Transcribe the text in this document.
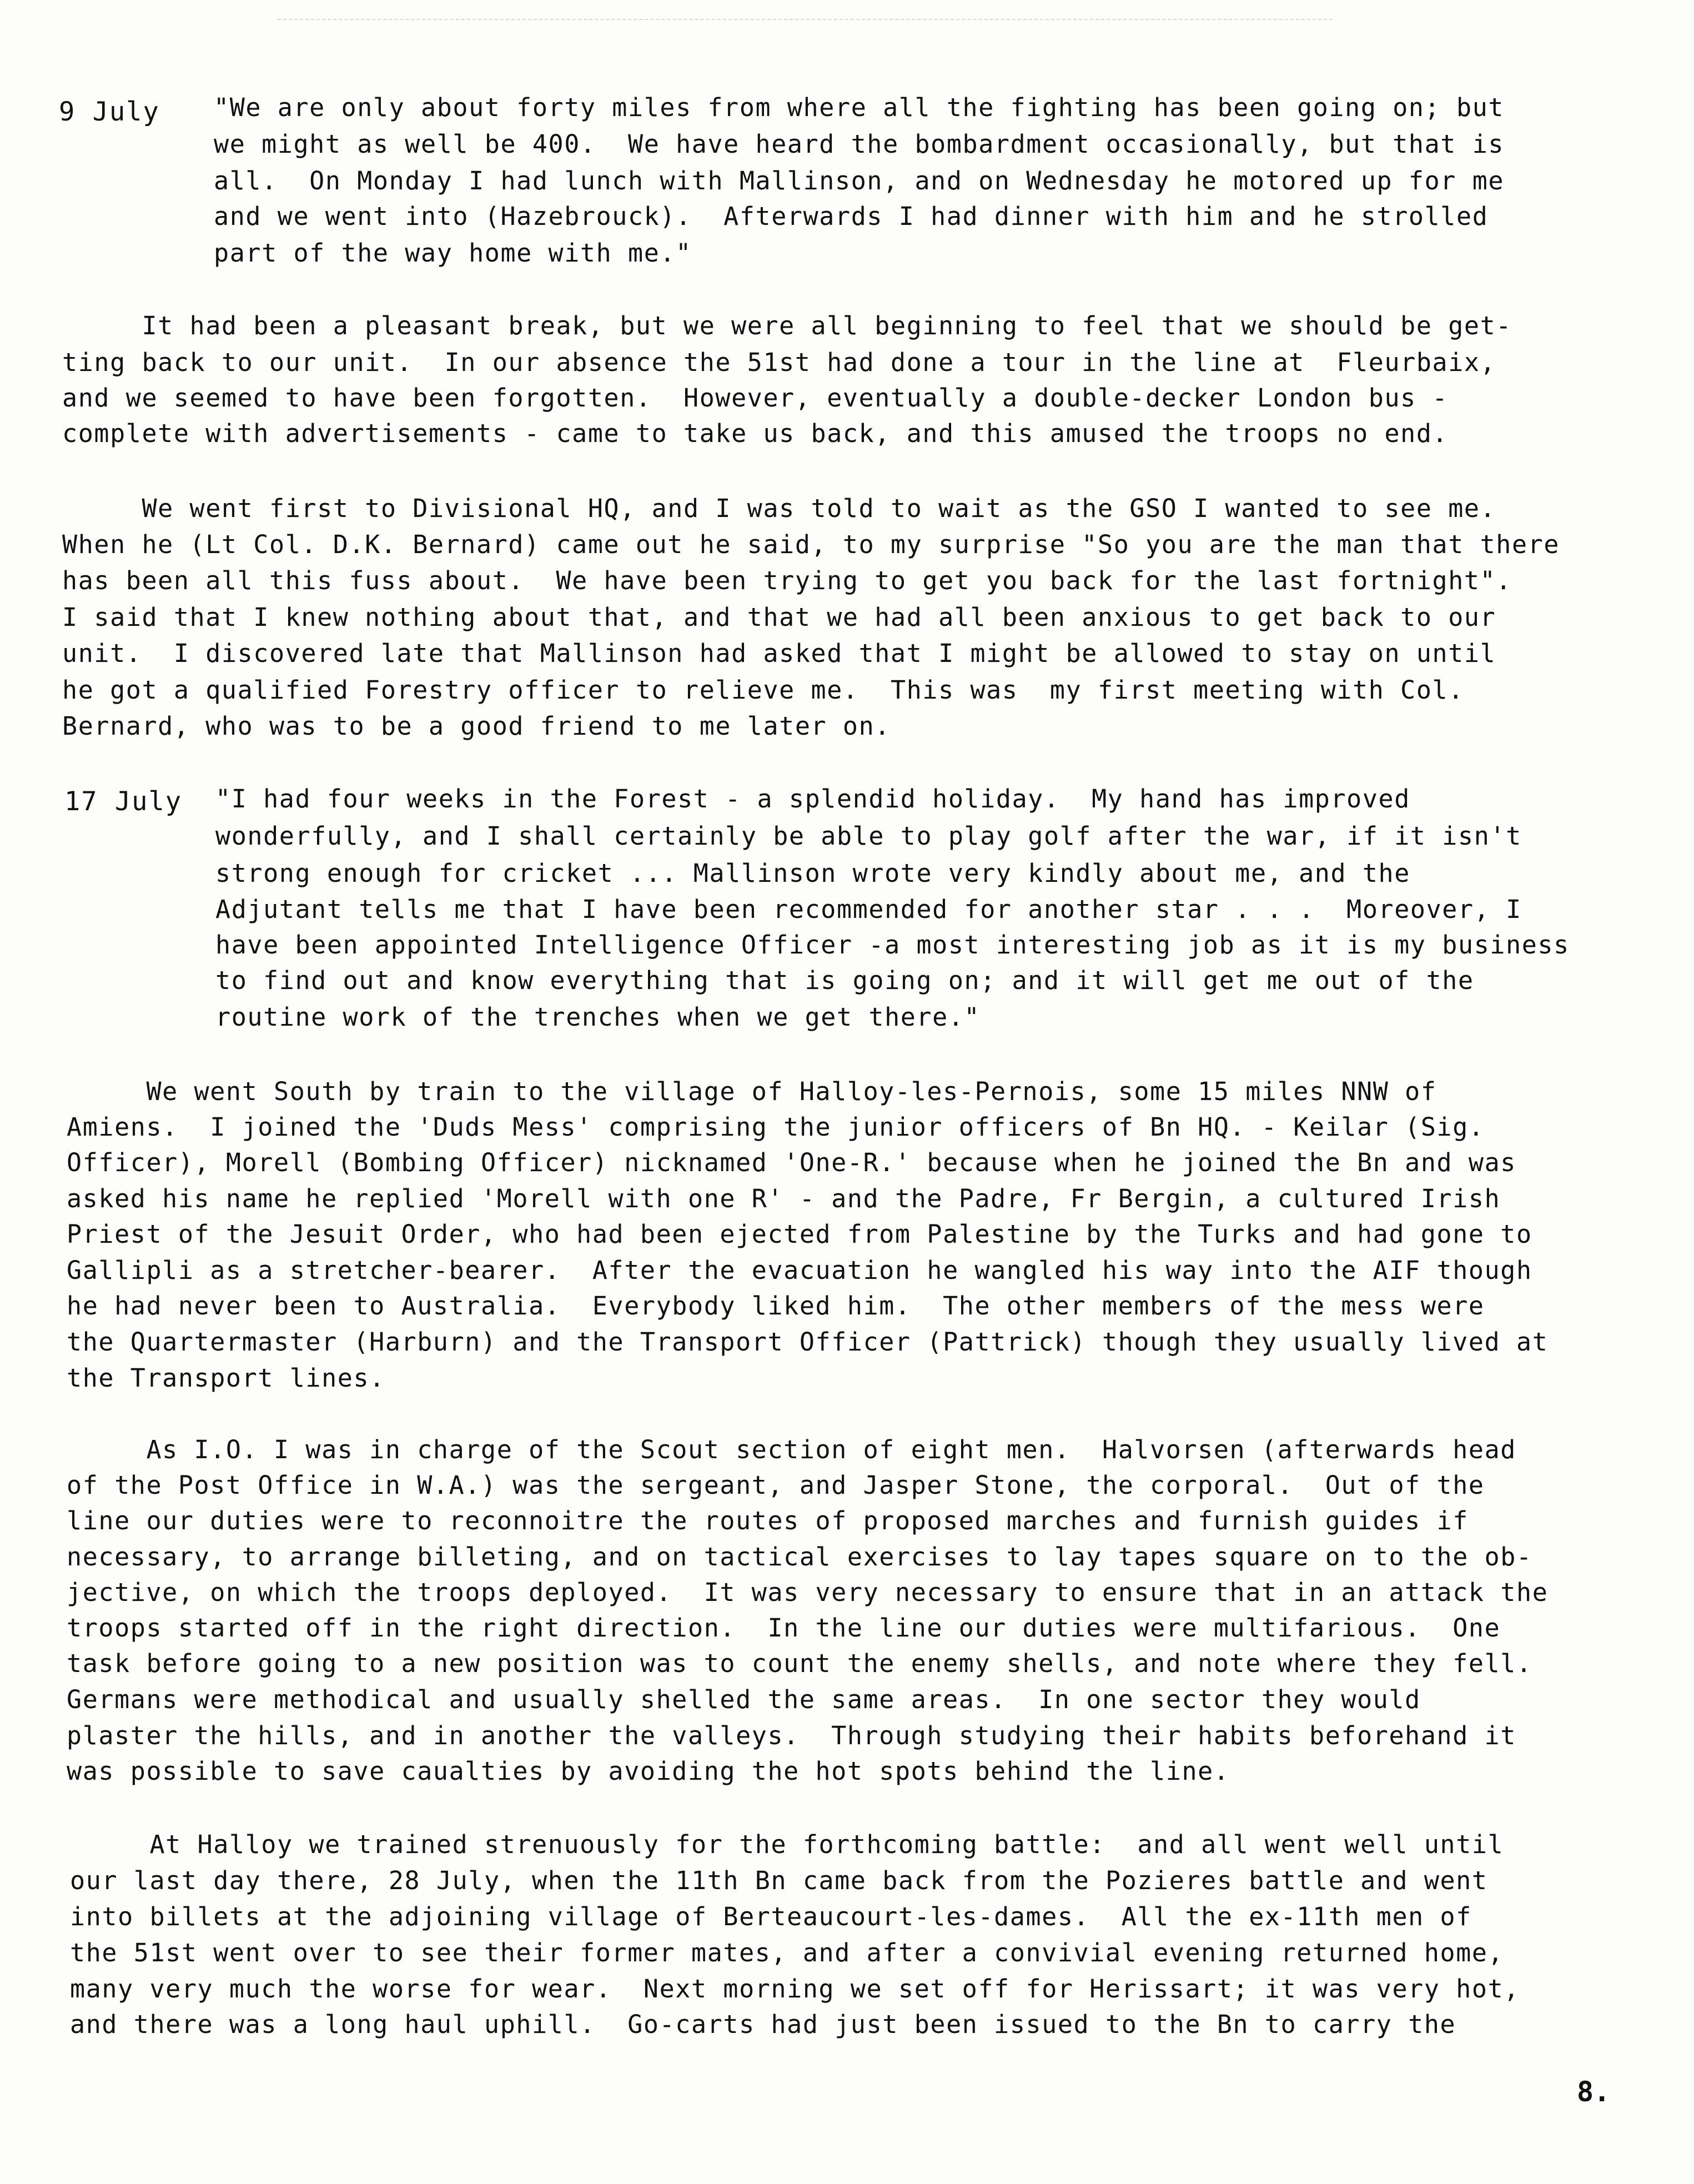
9 July "We are only about forty miles from where all the fighting has been going on; but
we might as well be 400.  We have heard the bombardment occasionally, but that is
all.  On Monday I had lunch with Mallinson, and on Wednesday he motored up for me
and we went into (Hazebrouck).  Afterwards I had dinner with him and he strolled
part of the way home with me."
It had been a pleasant break, but we were all beginning to feel that we should be get-
ting back to our unit.  In our absence the 51st had done a tour in the line at  Fleurbaix,
and we seemed to have been forgotten.  However, eventually a double-decker London bus -
complete with advertisements - came to take us back, and this amused the troops no end.
We went first to Divisional HQ, and I was told to wait as the GSO I wanted to see me.
When he (Lt Col. D.K. Bernard) came out he said, to my surprise "So you are the man that there
has been all this fuss about.  We have been trying to get you back for the last fortnight".
I said that I knew nothing about that, and that we had all been anxious to get back to our
unit.  I discovered late that Mallinson had asked that I might be allowed to stay on until
he got a qualified Forestry officer to relieve me.  This was  my first meeting with Col.
Bernard, who was to be a good friend to me later on.
17 July "I had four weeks in the Forest - a splendid holiday.  My hand has improved
wonderfully, and I shall certainly be able to play golf after the war, if it isn't
strong enough for cricket ... Mallinson wrote very kindly about me, and the
Adjutant tells me that I have been recommended for another star . . .  Moreover, I
have been appointed Intelligence Officer -a most interesting job as it is my business
to find out and know everything that is going on; and it will get me out of the
routine work of the trenches when we get there."
We went South by train to the village of Halloy-les-Pernois, some 15 miles NNW of
Amiens.  I joined the 'Duds Mess' comprising the junior officers of Bn HQ. - Keilar (Sig.
Officer), Morell (Bombing Officer) nicknamed 'One-R.' because when he joined the Bn and was
asked his name he replied 'Morell with one R' - and the Padre, Fr Bergin, a cultured Irish
Priest of the Jesuit Order, who had been ejected from Palestine by the Turks and had gone to
Gallipli as a stretcher-bearer.  After the evacuation he wangled his way into the AIF though
he had never been to Australia.  Everybody liked him.  The other members of the mess were
the Quartermaster (Harburn) and the Transport Officer (Pattrick) though they usually lived at
the Transport lines.
As I.O. I was in charge of the Scout section of eight men.  Halvorsen (afterwards head
of the Post Office in W.A.) was the sergeant, and Jasper Stone, the corporal.  Out of the
line our duties were to reconnoitre the routes of proposed marches and furnish guides if
necessary, to arrange billeting, and on tactical exercises to lay tapes square on to the ob-
jective, on which the troops deployed.  It was very necessary to ensure that in an attack the
troops started off in the right direction.  In the line our duties were multifarious.  One
task before going to a new position was to count the enemy shells, and note where they fell.
Germans were methodical and usually shelled the same areas.  In one sector they would
plaster the hills, and in another the valleys.  Through studying their habits beforehand it
was possible to save caualties by avoiding the hot spots behind the line.
At Halloy we trained strenuously for the forthcoming battle:  and all went well until
our last day there, 28 July, when the 11th Bn came back from the Pozieres battle and went
into billets at the adjoining village of Berteaucourt-les-dames.  All the ex-11th men of
the 51st went over to see their former mates, and after a convivial evening returned home,
many very much the worse for wear.  Next morning we set off for Herissart; it was very hot,
and there was a long haul uphill.  Go-carts had just been issued to the Bn to carry the
8.
